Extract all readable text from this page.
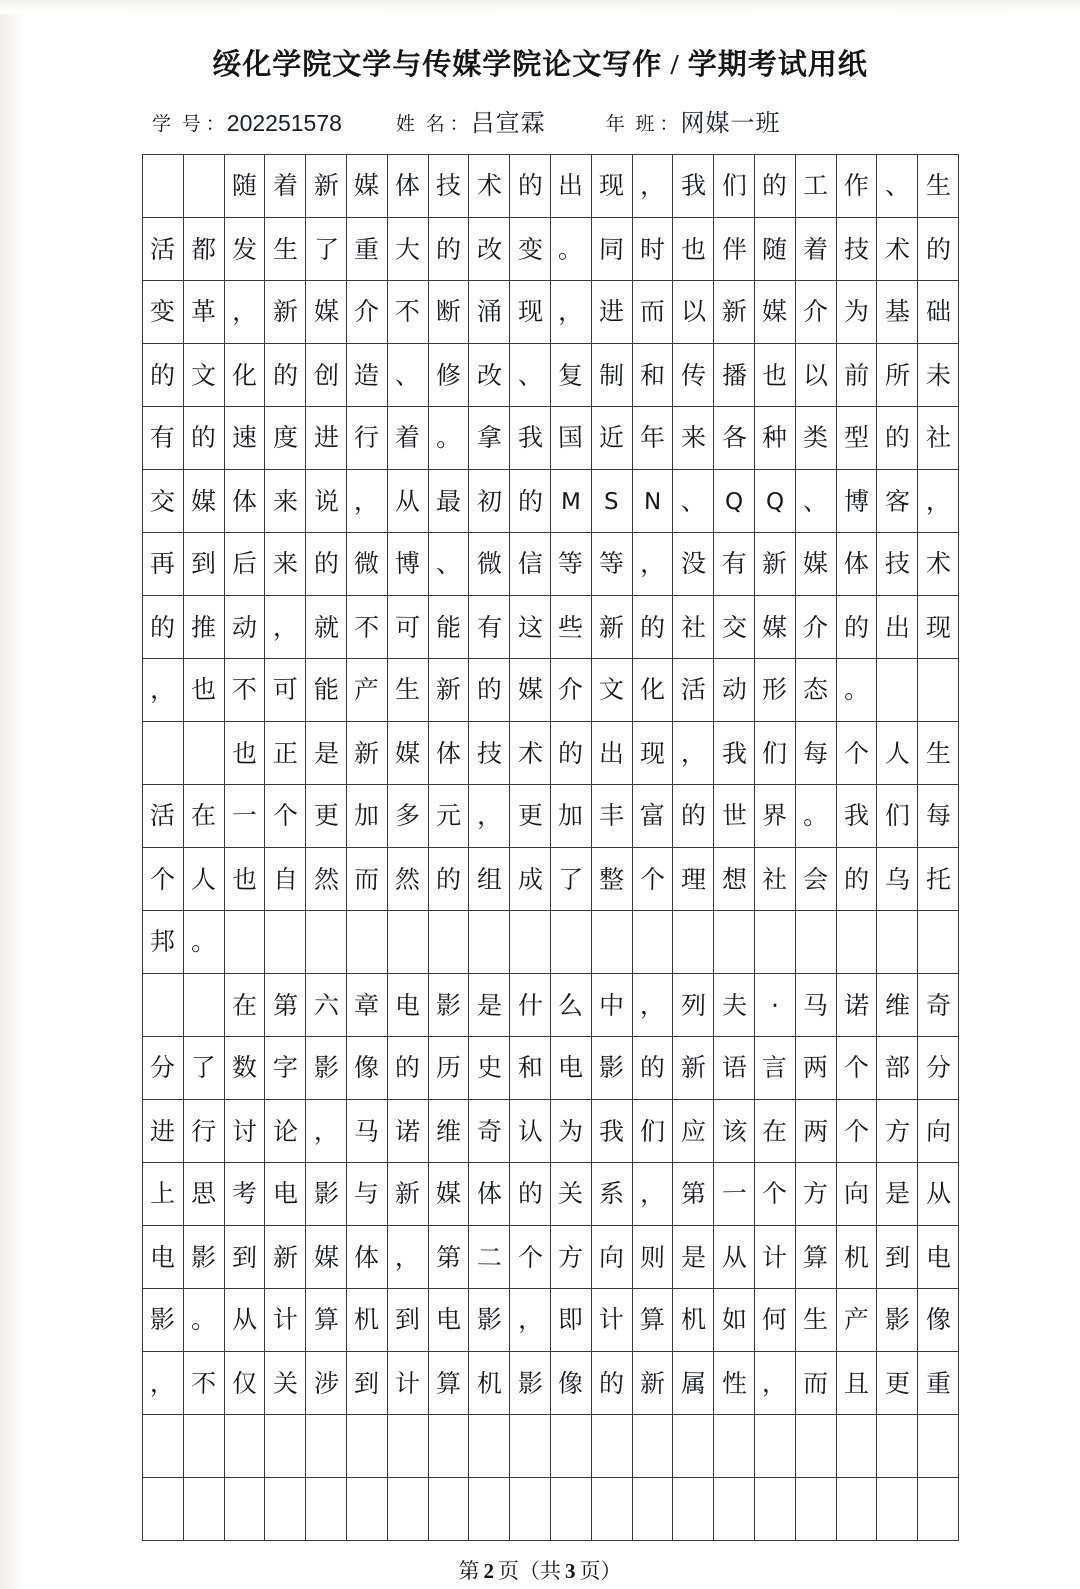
绥化学院文学与传媒学院论文写作 / 学期考试用纸
学 号 ： 202251578	姓 名 ： 吕宣霖	年 班 ： 网媒一班
		随	着	新	媒	体	技	术	的	出	现	，	我	们	的	工	作	、	生
活	都	发	生	了	重	大	的	改	变	。	同	时	也	伴	随	着	技	术	的
变	革	，	新	媒	介	不	断	涌	现	，	进	而	以	新	媒	介	为	基	础
的	文	化	的	创	造	、	修	改	、	复	制	和	传	播	也	以	前	所	未
有	的	速	度	进	行	着	。	拿	我	国	近	年	来	各	种	类	型	的	社
交	媒	体	来	说	，	从	最	初	的	M	S	N	、	Q	Q	、	博	客	，
再	到	后	来	的	微	博	、	微	信	等	等	，	没	有	新	媒	体	技	术
的	推	动	，	就	不	可	能	有	这	些	新	的	社	交	媒	介	的	出	现
，	也	不	可	能	产	生	新	的	媒	介	文	化	活	动	形	态	。		
		也	正	是	新	媒	体	技	术	的	出	现	，	我	们	每	个	人	生
活	在	一	个	更	加	多	元	，	更	加	丰	富	的	世	界	。	我	们	每
个	人	也	自	然	而	然	的	组	成	了	整	个	理	想	社	会	的	乌	托
邦	。																		
		在	第	六	章	电	影	是	什	么	中	，	列	夫	·	马	诺	维	奇
分	了	数	字	影	像	的	历	史	和	电	影	的	新	语	言	两	个	部	分
进	行	讨	论	，	马	诺	维	奇	认	为	我	们	应	该	在	两	个	方	向
上	思	考	电	影	与	新	媒	体	的	关	系	，	第	一	个	方	向	是	从
电	影	到	新	媒	体	，	第	二	个	方	向	则	是	从	计	算	机	到	电
影	。	从	计	算	机	到	电	影	，	即	计	算	机	如	何	生	产	影	像
，	不	仅	关	涉	到	计	算	机	影	像	的	新	属	性	，	而	且	更	重

第 2 页（共 3 页）
